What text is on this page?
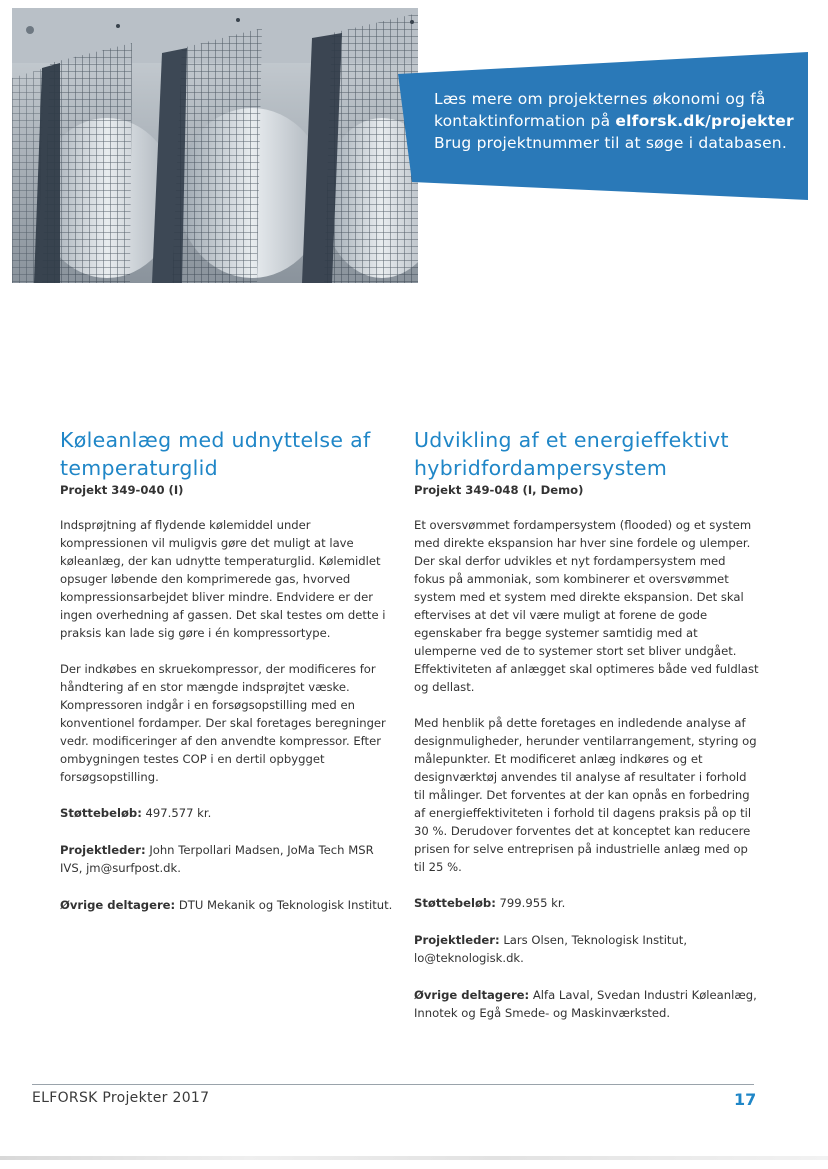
Læs mere om projekternes økonomi og få
kontaktinformation på elforsk.dk/projekter
Brug projektnummer til at søge i databasen.
Køleanlæg med udnyttelse af
temperaturglid
Projekt 349-040 (I)

Indsprøjtning af flydende kølemiddel under kompressionen vil muligvis gøre det muligt at lave køleanlæg, der kan udnytte temperaturglid. Kølemidlet opsuger løbende den komprimerede gas, hvorved kompressionsarbejdet bliver mindre. Endvidere er der ingen overhedning af gassen. Det skal testes om dette i praksis kan lade sig gøre i én kompressortype.

Der indkøbes en skruekompressor, der modificeres for håndtering af en stor mængde indsprøjtet væske. Kompressoren indgår i en forsøgsopstilling med en konventionel fordamper. Der skal foretages beregninger vedr. modificeringer af den anvendte kompressor. Efter ombygningen testes COP i en dertil opbygget forsøgsopstilling.

Støttebeløb: 497.577 kr.
Projektleder: John Terpollari Madsen, JoMa Tech MSR IVS, jm@surfpost.dk.
Øvrige deltagere: DTU Mekanik og Teknologisk Institut.
Udvikling af et energieffektivt
hybridfordampersystem
Projekt 349-048 (I, Demo)

Et oversvømmet fordampersystem (flooded) og et system med direkte ekspansion har hver sine fordele og ulemper. Der skal derfor udvikles et nyt fordampersystem med fokus på ammoniak, som kombinerer et oversvømmet system med et system med direkte ekspansion. Det skal eftervises at det vil være muligt at forene de gode egenskaber fra begge systemer samtidig med at ulemperne ved de to systemer stort set bliver undgået. Effektiviteten af anlægget skal optimeres både ved fuldlast og dellast.

Med henblik på dette foretages en indledende analyse af designmuligheder, herunder ventilarrangement, styring og målepunkter. Et modificeret anlæg indkøres og et designværktøj anvendes til analyse af resultater i forhold til målinger. Det forventes at der kan opnås en forbedring af energieffektiviteten i forhold til dagens praksis på op til 30 %. Derudover forventes det at konceptet kan reducere prisen for selve entreprisen på industrielle anlæg med op til 25 %.

Støttebeløb: 799.955 kr.
Projektleder: Lars Olsen, Teknologisk Institut, lo@teknologisk.dk.
Øvrige deltagere: Alfa Laval, Svedan Industri Køleanlæg, Innotek og Egå Smede- og Maskinværksted.
ELFORSK Projekter 2017	17
